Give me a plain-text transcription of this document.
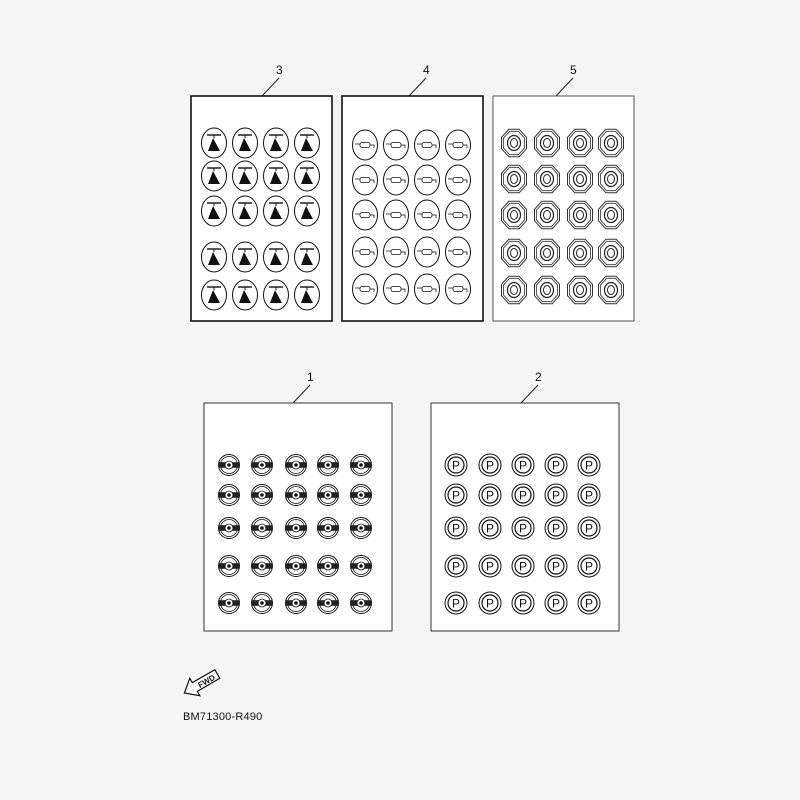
3	4	5
1	2
P P P P P
P P P P P
P P P P P
P P P P P
P P P P P
FWD
BM71300-R490
